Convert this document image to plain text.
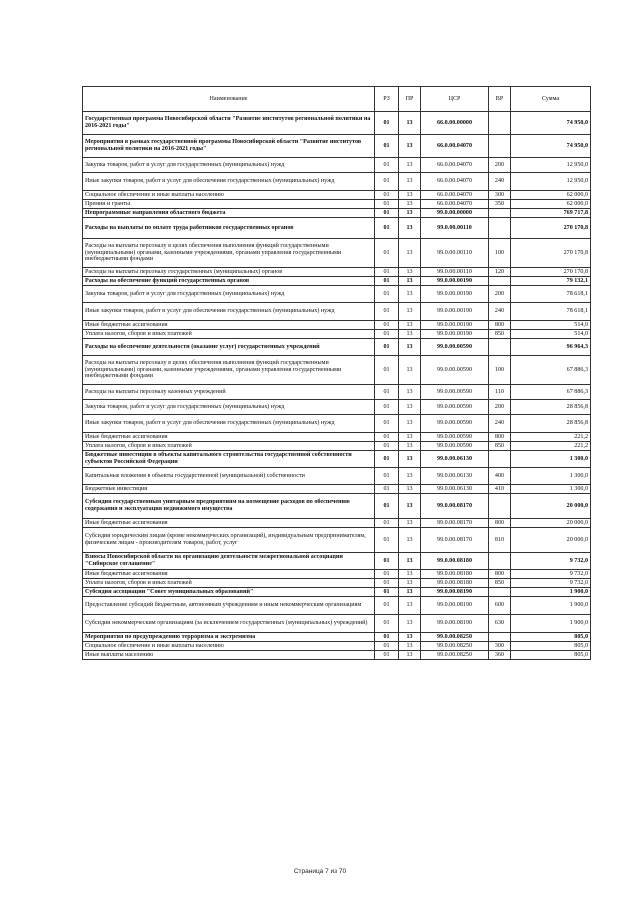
Наименование	РЗ	ПР	ЦСР	ВР	Сумма
Государственная программа Новосибирской области "Развитие институтов региональной политики на 2016-2021 годы"	01	13	66.0.00.00000		74 950,0
Мероприятия в рамках государственной программы Новосибирской области "Развитие институтов региональной политики на 2016-2021 годы"	01	13	66.0.00.04070		74 950,0
Закупка товаров, работ и услуг для государственных (муниципальных) нужд	01	13	66.0.00.04070	200	12 950,0
Иные закупки товаров, работ и услуг для обеспечения государственных (муниципальных) нужд	01	13	66.0.00.04070	240	12 950,0
Социальное обеспечение и иные выплаты населению	01	13	66.0.00.04070	300	62 000,0
Премии и гранты	01	13	66.0.00.04070	350	62 000,0
Непрограммные направления областного бюджета	01	13	99.0.00.00000		769 717,8
Расходы на выплаты по оплате труда работников государственных органов	01	13	99.0.00.00110		270 170,8
Расходы на выплаты персоналу в целях обеспечения выполнения функций государственными (муниципальными) органами, казенными учреждениями, органами управления государственными внебюджетными фондами	01	13	99.0.00.00110	100	270 170,8
Расходы на выплаты персоналу государственных (муниципальных) органов	01	13	99.0.00.00110	120	270 170,8
Расходы на обеспечение функций государственных органов	01	13	99.0.00.00190		79 132,1
Закупка товаров, работ и услуг для государственных (муниципальных) нужд	01	13	99.0.00.00190	200	78 618,1
Иные закупки товаров, работ и услуг для обеспечения государственных (муниципальных) нужд	01	13	99.0.00.00190	240	78 618,1
Иные бюджетные ассигнования	01	13	99.0.00.00190	800	514,0
Уплата налогов, сборов и иных платежей	01	13	99.0.00.00190	850	514,0
Расходы на обеспечение деятельности (оказание услуг) государственных учреждений	01	13	99.0.00.00590		96 964,3
Расходы на выплаты персоналу в целях обеспечения выполнения функций государственными (муниципальными) органами, казенными учреждениями, органами управления государственными внебюджетными фондами	01	13	99.0.00.00590	100	67 886,3
Расходы на выплаты персоналу казенных учреждений	01	13	99.0.00.00590	110	67 886,3
Закупка товаров, работ и услуг для государственных (муниципальных) нужд	01	13	99.0.00.00590	200	28 856,8
Иные закупки товаров, работ и услуг для обеспечения государственных (муниципальных) нужд	01	13	99.0.00.00590	240	28 856,8
Иные бюджетные ассигнования	01	13	99.0.00.00590	800	221,2
Уплата налогов, сборов и иных платежей	01	13	99.0.00.00590	850	221,2
Бюджетные инвестиции в объекты капитального строительства государственной собственности субъектов Российской Федерации	01	13	99.0.00.06130		1 300,0
Капитальные вложения в объекты государственной (муниципальной) собственности	01	13	99.0.00.06130	400	1 300,0
Бюджетные инвестиции	01	13	99.0.00.06130	410	1 300,0
Субсидии государственным унитарным предприятиям на возмещение расходов по обеспечению содержания и эксплуатация недвижимого имущества	01	13	99.0.00.08170		20 000,0
Иные бюджетные ассигнования	01	13	99.0.00.08170	800	20 000,0
Субсидии юридическим лицам (кроме некоммерческих организаций), индивидуальным предпринимателям, физическим лицам - производителям товаров, работ, услуг	01	13	99.0.00.08170	810	20 000,0
Взносы Новосибирской области на организацию деятельности межрегиональной ассоциации "Сибирское соглашение"	01	13	99.0.00.08180		9 732,0
Иные бюджетные ассигнования	01	13	99.0.00.08180	800	9 732,0
Уплата налогов, сборов и иных платежей	01	13	99.0.00.08180	850	9 732,0
Субсидии ассоциации "Совет муниципальных образований"	01	13	99.0.00.08190		1 900,0
Предоставление субсидий бюджетным, автономным учреждениям и иным некоммерческим организациям	01	13	99.0.00.08190	600	1 900,0
Субсидии некоммерческим организациям (за исключением государственных (муниципальных) учреждений)	01	13	99.0.00.08190	630	1 900,0
Мероприятия по предупреждению терроризма и экстремизма	01	13	99.0.00.08250		805,0
Социальное обеспечение и иные выплаты населению	01	13	99.0.00.08250	300	805,0
Иные выплаты населению	01	13	99.0.00.08250	360	805,0
Страница 7 из 70
